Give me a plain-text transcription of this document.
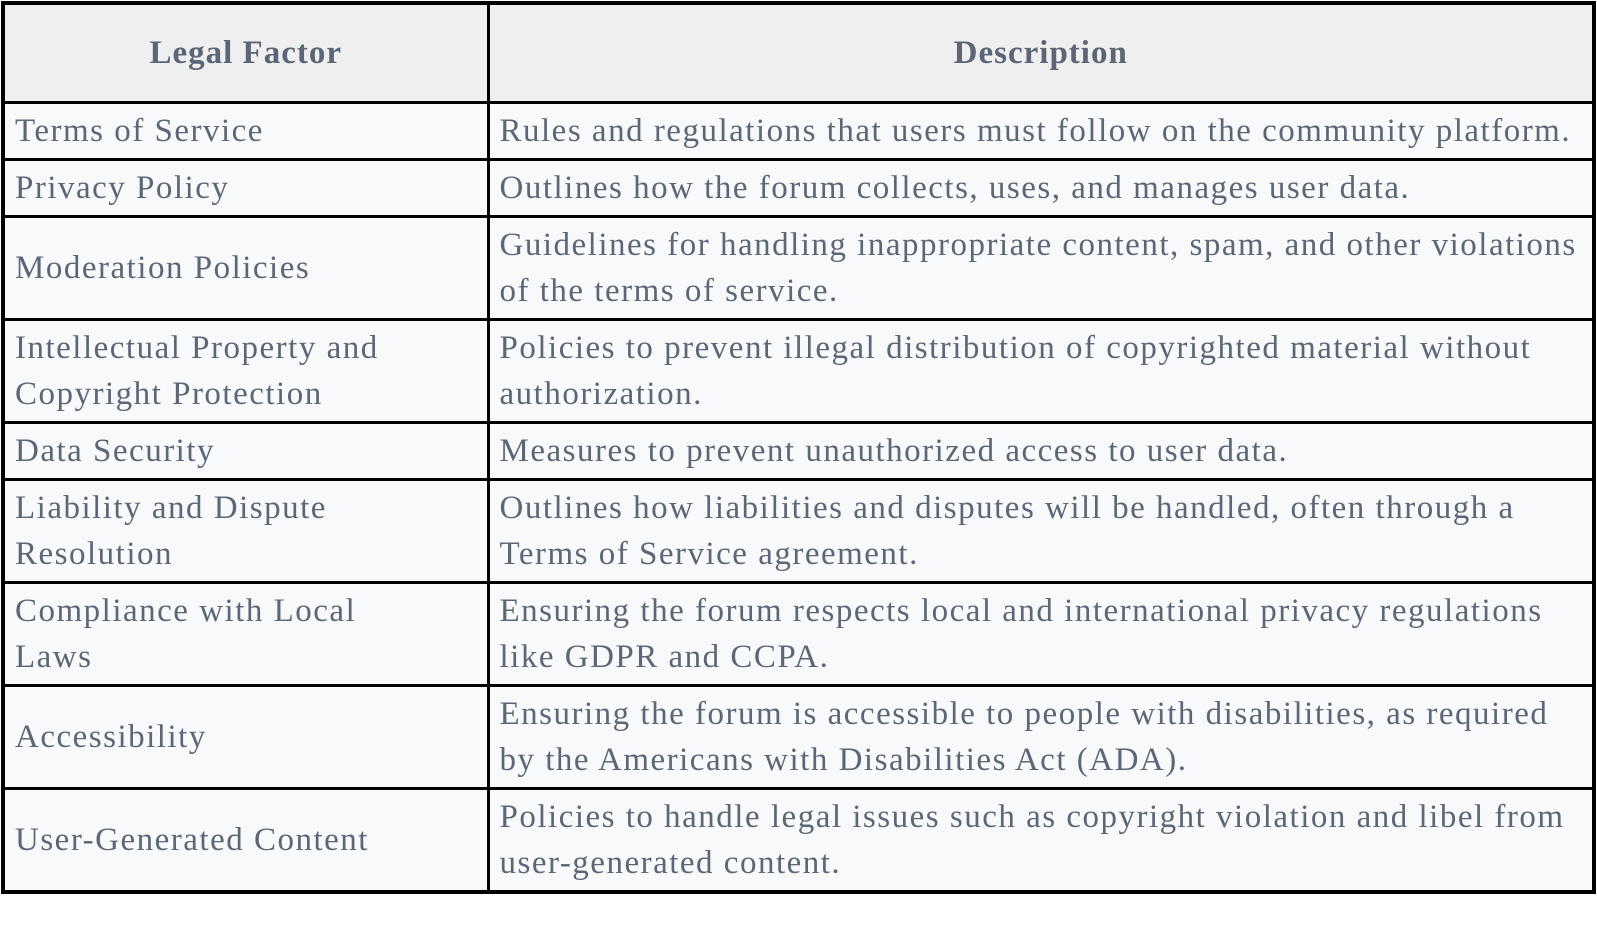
Legal Factor	Description
Terms of Service	Rules and regulations that users must follow on the community platform.
Privacy Policy	Outlines how the forum collects, uses, and manages user data.
Moderation Policies	Guidelines for handling inappropriate content, spam, and other violations of the terms of service.
Intellectual Property and Copyright Protection	Policies to prevent illegal distribution of copyrighted material without authorization.
Data Security	Measures to prevent unauthorized access to user data.
Liability and Dispute Resolution	Outlines how liabilities and disputes will be handled, often through a Terms of Service agreement.
Compliance with Local Laws	Ensuring the forum respects local and international privacy regulations like GDPR and CCPA.
Accessibility	Ensuring the forum is accessible to people with disabilities, as required by the Americans with Disabilities Act (ADA).
User-Generated Content	Policies to handle legal issues such as copyright violation and libel from user-generated content.
